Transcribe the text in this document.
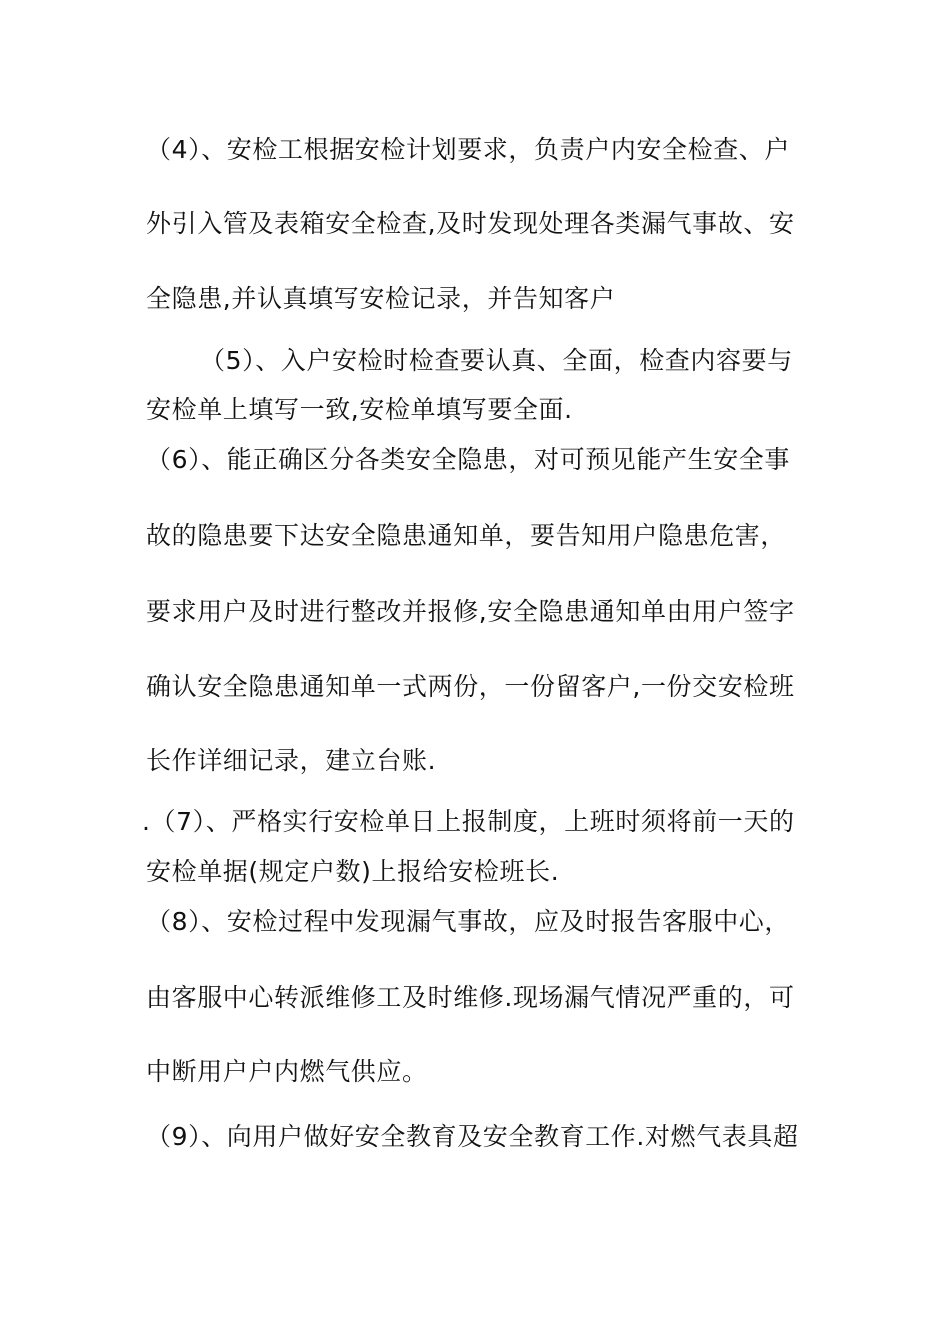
（4）、安检工根据安检计划要求，负责户内安全检查、户
外引入管及表箱安全检查,及时发现处理各类漏气事故、安
全隐患,并认真填写安检记录，并告知客户
（5）、入户安检时检查要认真、全面，检查内容要与
安检单上填写一致,安检单填写要全面.
（6）、能正确区分各类安全隐患，对可预见能产生安全事
故的隐患要下达安全隐患通知单，要告知用户隐患危害，
要求用户及时进行整改并报修,安全隐患通知单由用户签字
确认安全隐患通知单一式两份，一份留客户,一份交安检班
长作详细记录，建立台账.
.（7）、严格实行安检单日上报制度，上班时须将前一天的
安检单据(规定户数)上报给安检班长.
（8）、安检过程中发现漏气事故，应及时报告客服中心，
由客服中心转派维修工及时维修.现场漏气情况严重的，可
中断用户户内燃气供应。
（9）、向用户做好安全教育及安全教育工作.对燃气表具超
